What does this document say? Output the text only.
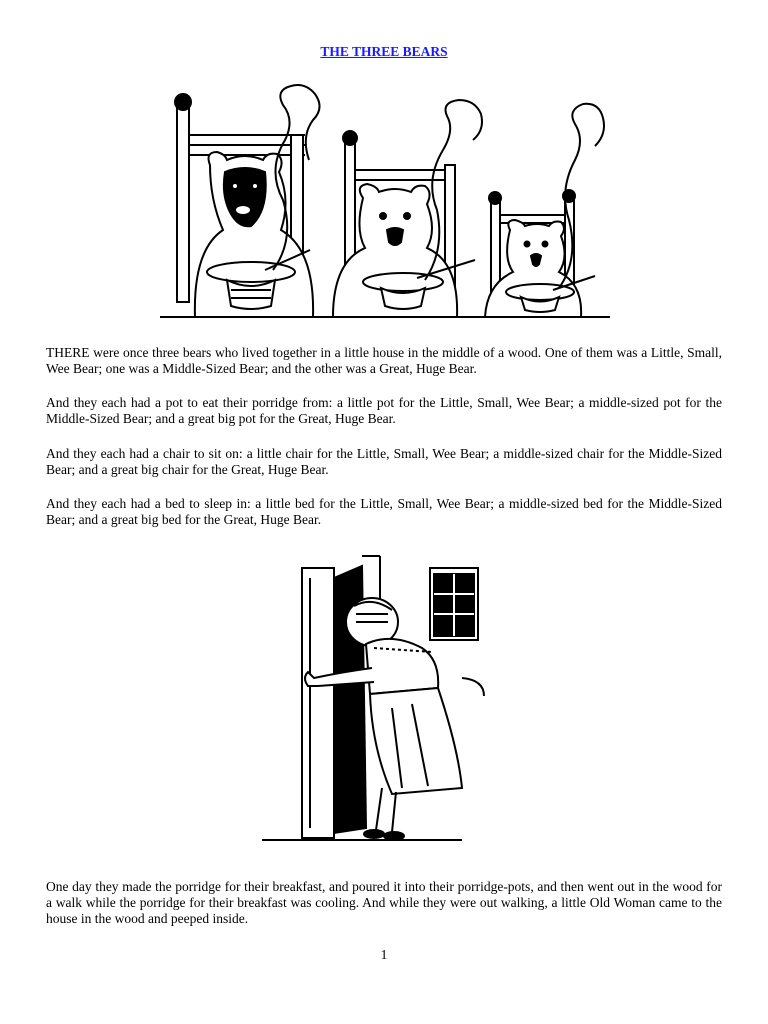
THE THREE BEARS

THERE were once three bears who lived together in a little house in the middle of a wood. One of them was a Little, Small, Wee Bear; one was a Middle-Sized Bear; and the other was a Great, Huge Bear.

And they each had a pot to eat their porridge from: a little pot for the Little, Small, Wee Bear; a middle-sized pot for the Middle-Sized Bear; and a great big pot for the Great, Huge Bear.

And they each had a chair to sit on: a little chair for the Little, Small, Wee Bear; a middle-sized chair for the Middle-Sized Bear; and a great big chair for the Great, Huge Bear.

And they each had a bed to sleep in: a little bed for the Little, Small, Wee Bear; a middle-sized bed for the Middle-Sized Bear; and a great big bed for the Great, Huge Bear.

One day they made the porridge for their breakfast, and poured it into their porridge-pots, and then went out in the wood for a walk while the porridge for their breakfast was cooling. And while they were out walking, a little Old Woman came to the house in the wood and peeped inside.

1
